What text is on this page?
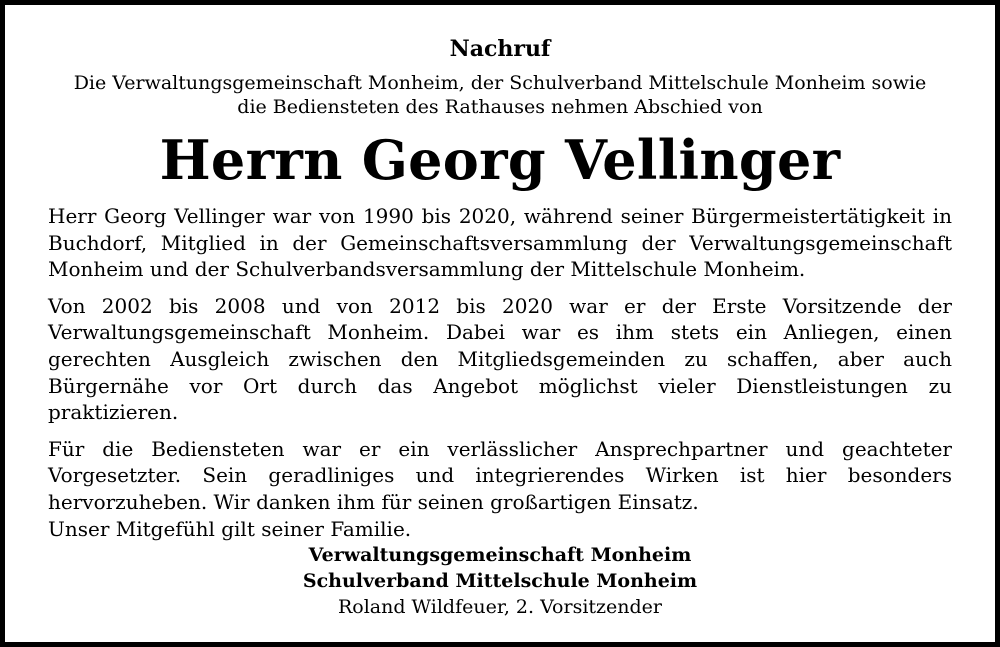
Nachruf
Die Verwaltungsgemeinschaft Monheim, der Schulverband Mittelschule Monheim sowie
die Bediensteten des Rathauses nehmen Abschied von
Herrn Georg Vellinger

Herr Georg Vellinger war von 1990 bis 2020, während seiner Bürgermeistertätigkeit in Buchdorf, Mitglied in der Gemeinschaftsversammlung der Verwaltungsgemeinschaft Monheim und der Schulverbandsversammlung der Mittelschule Monheim.

Von 2002 bis 2008 und von 2012 bis 2020 war er der Erste Vorsitzende der Verwaltungsgemeinschaft Monheim. Dabei war es ihm stets ein Anliegen, einen gerechten Ausgleich zwischen den Mitgliedsgemeinden zu schaffen, aber auch Bürgernähe vor Ort durch das Angebot möglichst vieler Dienstleistungen zu praktizieren.

Für die Bediensteten war er ein verlässlicher Ansprechpartner und geachteter Vorgesetzter. Sein geradliniges und integrierendes Wirken ist hier besonders hervorzuheben. Wir danken ihm für seinen großartigen Einsatz.

Unser Mitgefühl gilt seiner Familie.

Verwaltungsgemeinschaft Monheim
Schulverband Mittelschule Monheim
Roland Wildfeuer, 2. Vorsitzender
